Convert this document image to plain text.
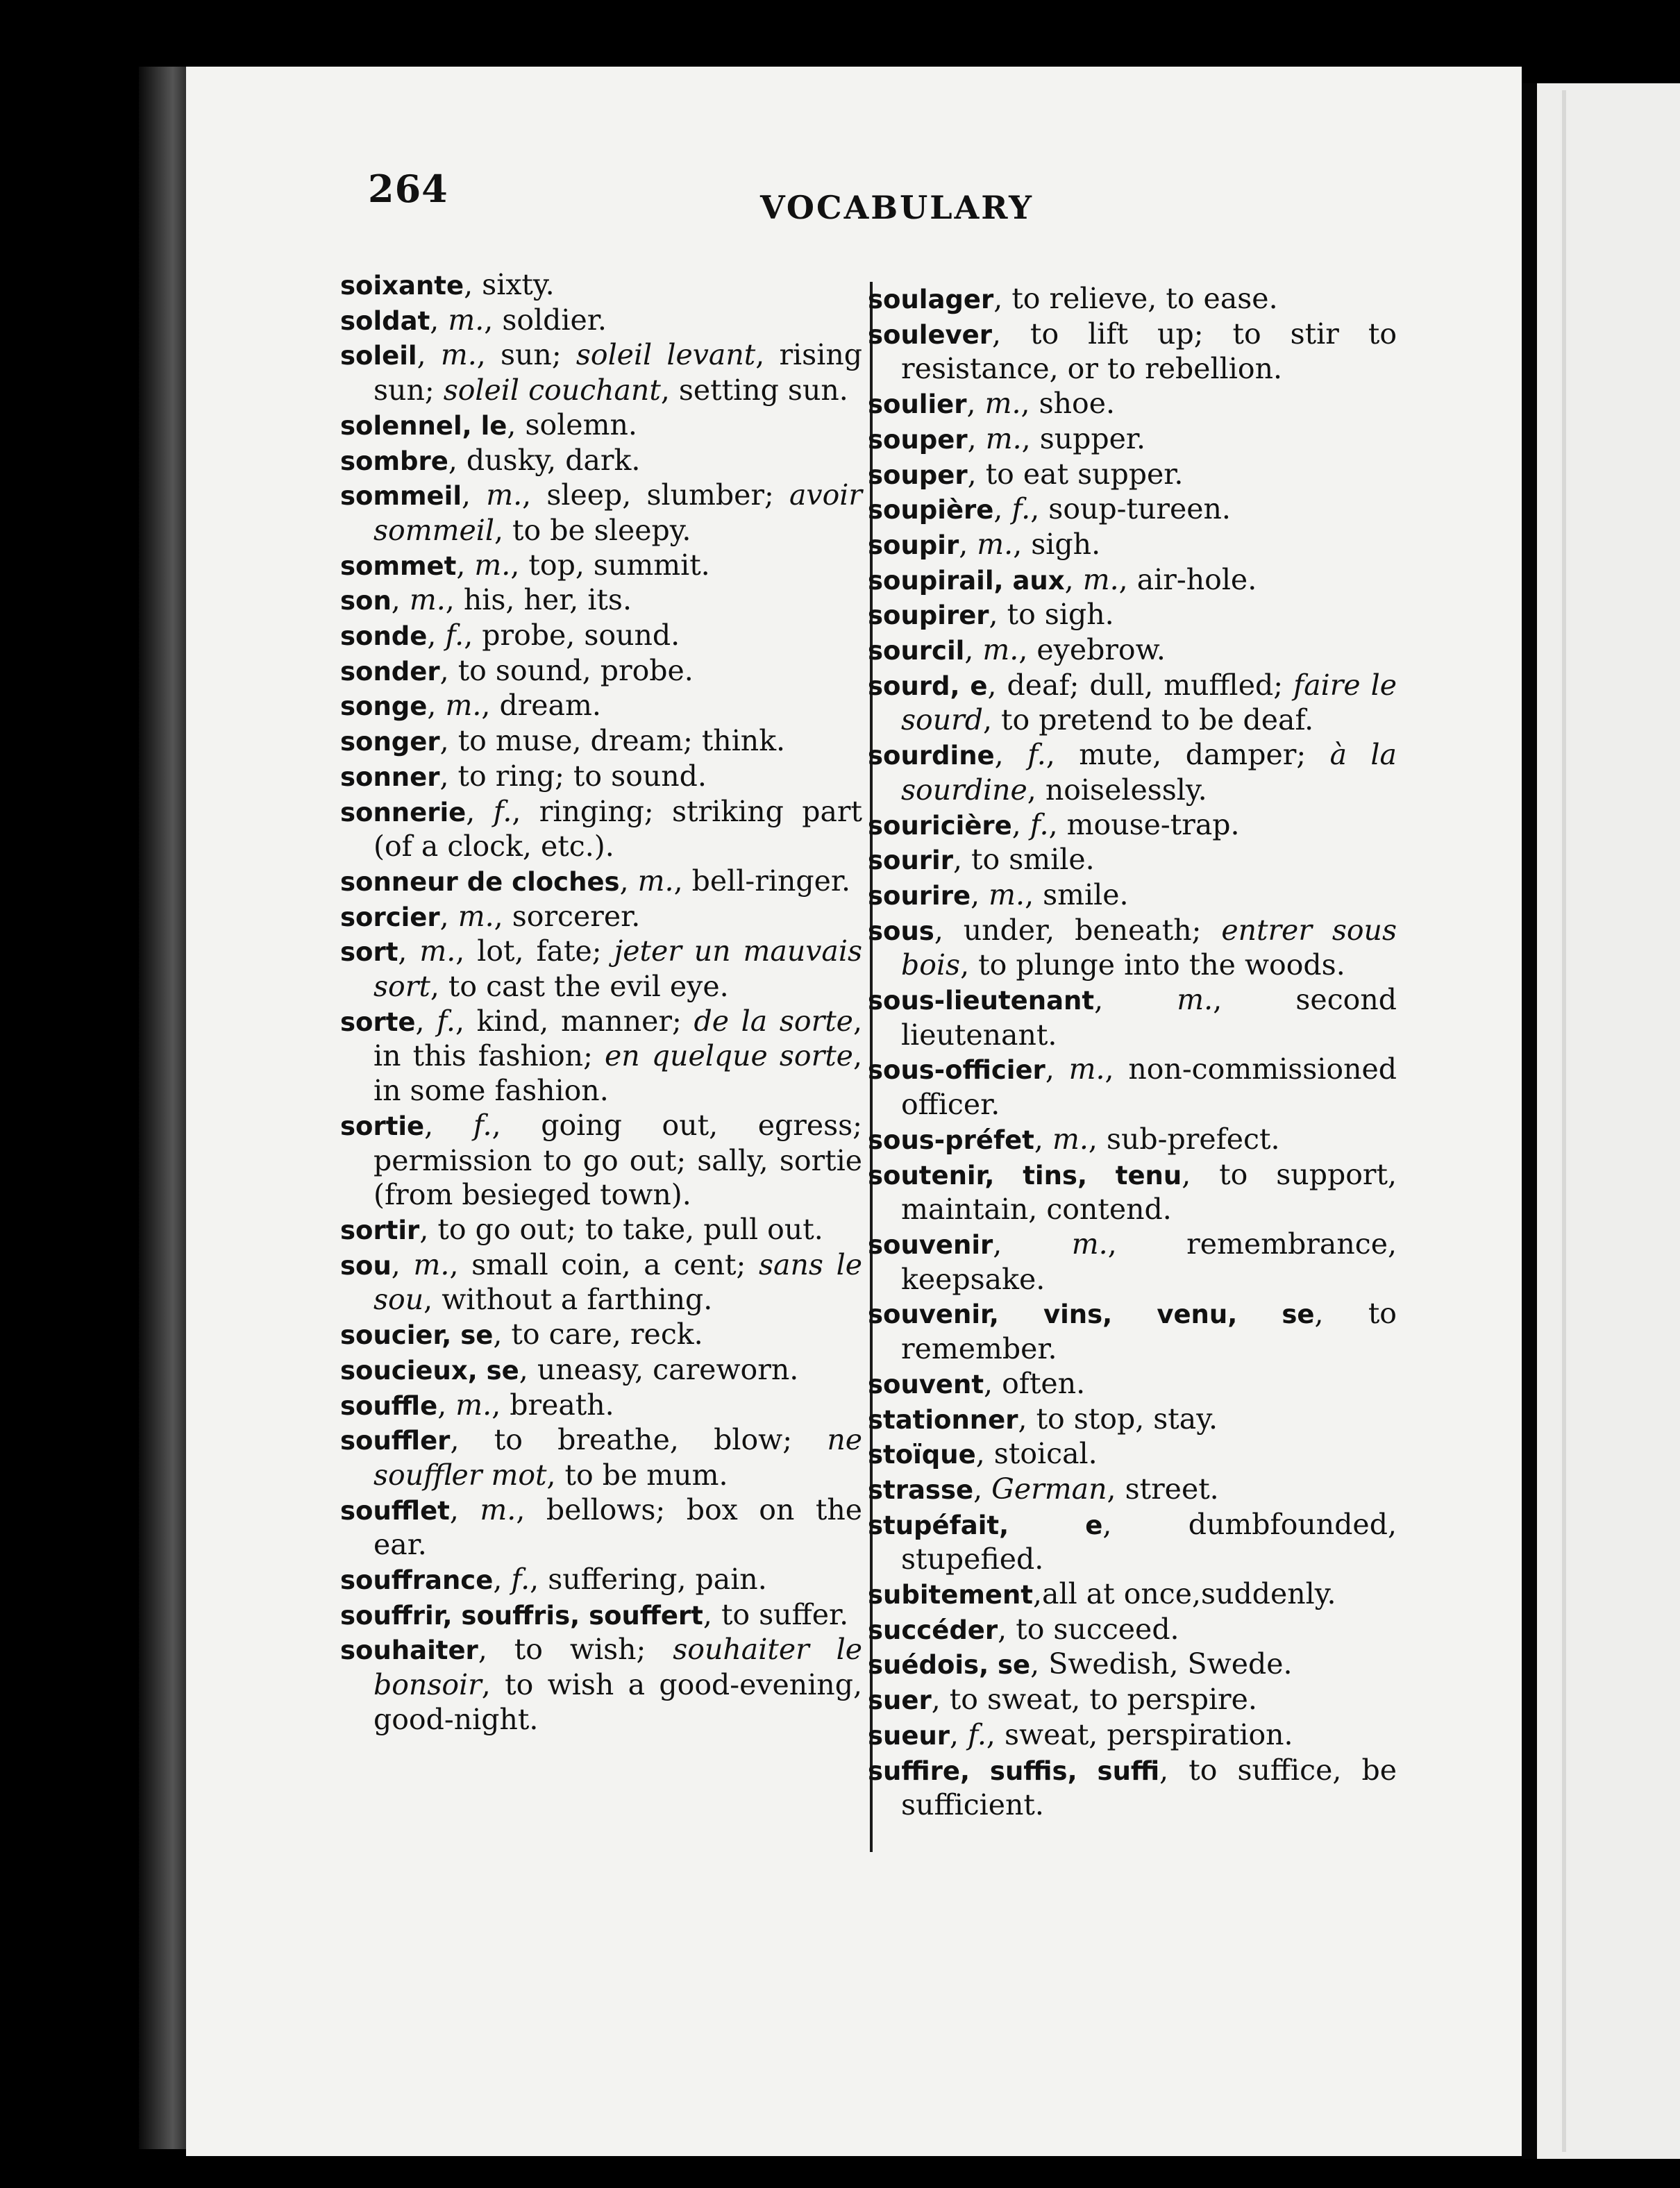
264	VOCABULARY

soixante, sixty.

soldat, m., soldier.

soleil, m., sun; soleil levant, rising sun; soleil couchant, setting sun.

solennel, le, solemn.

sombre, dusky, dark.

sommeil, m., sleep, slumber; avoir sommeil, to be sleepy.

sommet, m., top, summit.

son, m., his, her, its.

sonde, f., probe, sound.

sonder, to sound, probe.

songe, m., dream.

songer, to muse, dream; think.

sonner, to ring; to sound.

sonnerie, f., ringing; striking part (of a clock, etc.).

sonneur de cloches, m., bell-ringer.

sorcier, m., sorcerer.

sort, m., lot, fate; jeter un mauvais sort, to cast the evil eye.

sorte, f., kind, manner; de la sorte, in this fashion; en quelque sorte, in some fashion.

sortie, f., going out, egress; permission to go out; sally, sortie (from besieged town).

sortir, to go out; to take, pull out.

sou, m., small coin, a cent; sans le sou, without a farthing.

soucier, se, to care, reck.

soucieux, se, uneasy, careworn.

souffle, m., breath.

souffler, to breathe, blow; ne souffler mot, to be mum.

soufflet, m., bellows; box on the ear.

souffrance, f., suffering, pain.

souffrir, souffris, souffert, to suffer.

souhaiter, to wish; souhaiter le bonsoir, to wish a good-evening, good-night.

soulager, to relieve, to ease.

soulever, to lift up; to stir to resistance, or to rebellion.

soulier, m., shoe.

souper, m., supper.

souper, to eat supper.

soupière, f., soup-tureen.

soupir, m., sigh.

soupirail, aux, m., air-hole.

soupirer, to sigh.

sourcil, m., eyebrow.

sourd, e, deaf; dull, muffled; faire le sourd, to pretend to be deaf.

sourdine, f., mute, damper; à la sourdine, noiselessly.

souricière, f., mouse-trap.

sourir, to smile.

sourire, m., smile.

sous, under, beneath; entrer sous bois, to plunge into the woods.

sous-lieutenant, m., second lieutenant.

sous-officier, m., non-commissioned officer.

sous-préfet, m., sub-prefect.

soutenir, tins, tenu, to support, maintain, contend.

souvenir, m., remembrance, keepsake.

souvenir, vins, venu, se, to remember.

souvent, often.

stationner, to stop, stay.

stoïque, stoical.

strasse, German, street.

stupéfait, e, dumbfounded, stupefied.

subitement,all at once,suddenly.

succéder, to succeed.

suédois, se, Swedish, Swede.

suer, to sweat, to perspire.

sueur, f., sweat, perspiration.

suffire, suffis, suffi, to suffice, be sufficient.
